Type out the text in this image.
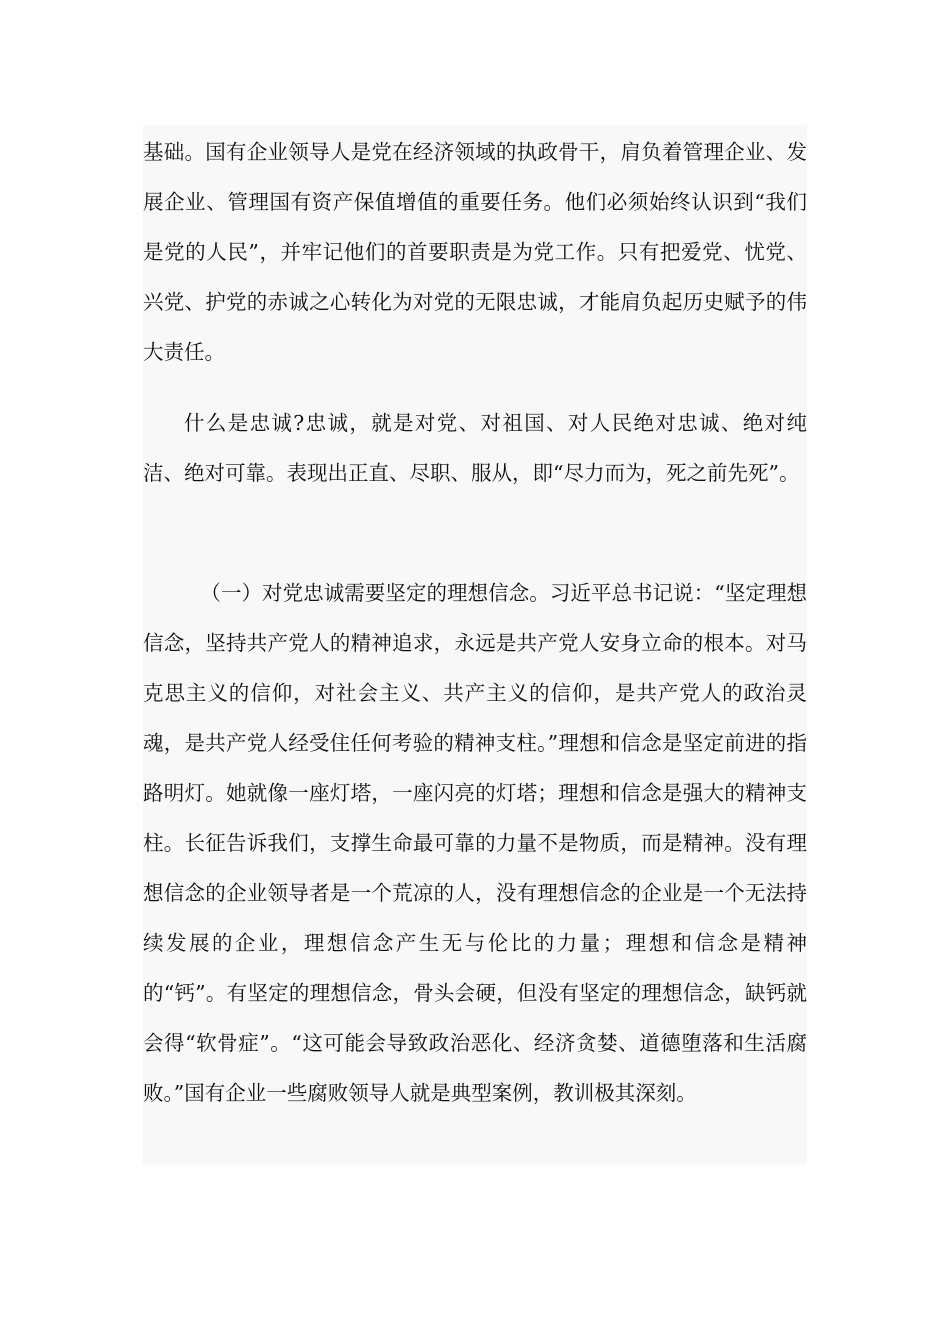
基础。国有企业领导人是党在经济领域的执政骨干，肩负着管理企业、发展企业、管理国有资产保值增值的重要任务。他们必须始终认识到“我们是党的人民”，并牢记他们的首要职责是为党工作。只有把爱党、忧党、兴党、护党的赤诚之心转化为对党的无限忠诚，才能肩负起历史赋予的伟大责任。

什么是忠诚?忠诚，就是对党、对祖国、对人民绝对忠诚、绝对纯洁、绝对可靠。表现出正直、尽职、服从，即“尽力而为，死之前先死”。

（一）对党忠诚需要坚定的理想信念。习近平总书记说：“坚定理想信念，坚持共产党人的精神追求，永远是共产党人安身立命的根本。对马克思主义的信仰，对社会主义、共产主义的信仰，是共产党人的政治灵魂，是共产党人经受住任何考验的精神支柱。”理想和信念是坚定前进的指路明灯。她就像一座灯塔，一座闪亮的灯塔；理想和信念是强大的精神支柱。长征告诉我们，支撑生命最可靠的力量不是物质，而是精神。没有理想信念的企业领导者是一个荒凉的人，没有理想信念的企业是一个无法持续发展的企业，理想信念产生无与伦比的力量；理想和信念是精神的“钙”。有坚定的理想信念，骨头会硬，但没有坚定的理想信念，缺钙就会得“软骨症”。“这可能会导致政治恶化、经济贪婪、道德堕落和生活腐败。”国有企业一些腐败领导人就是典型案例，教训极其深刻。
